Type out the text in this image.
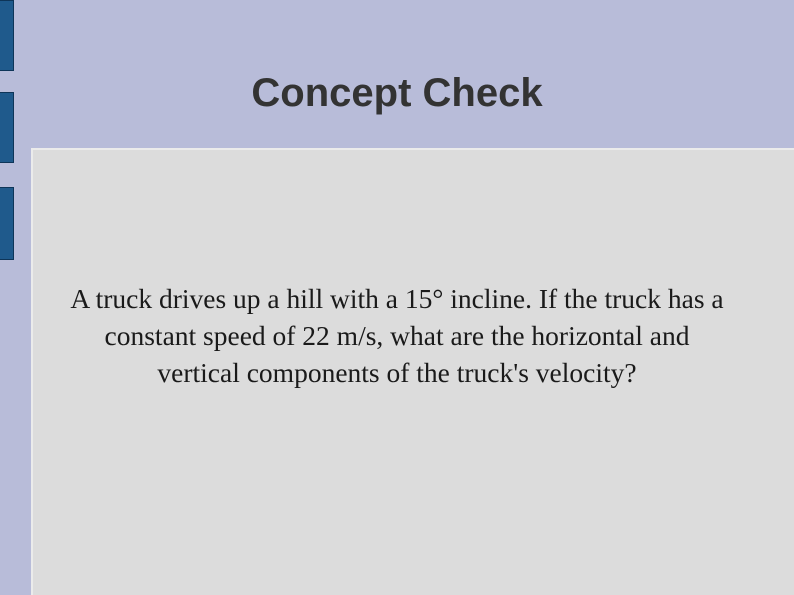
Concept Check

A truck drives up a hill with a 15° incline. If the truck has a constant speed of 22 m/s, what are the horizontal and vertical components of the truck's velocity?
